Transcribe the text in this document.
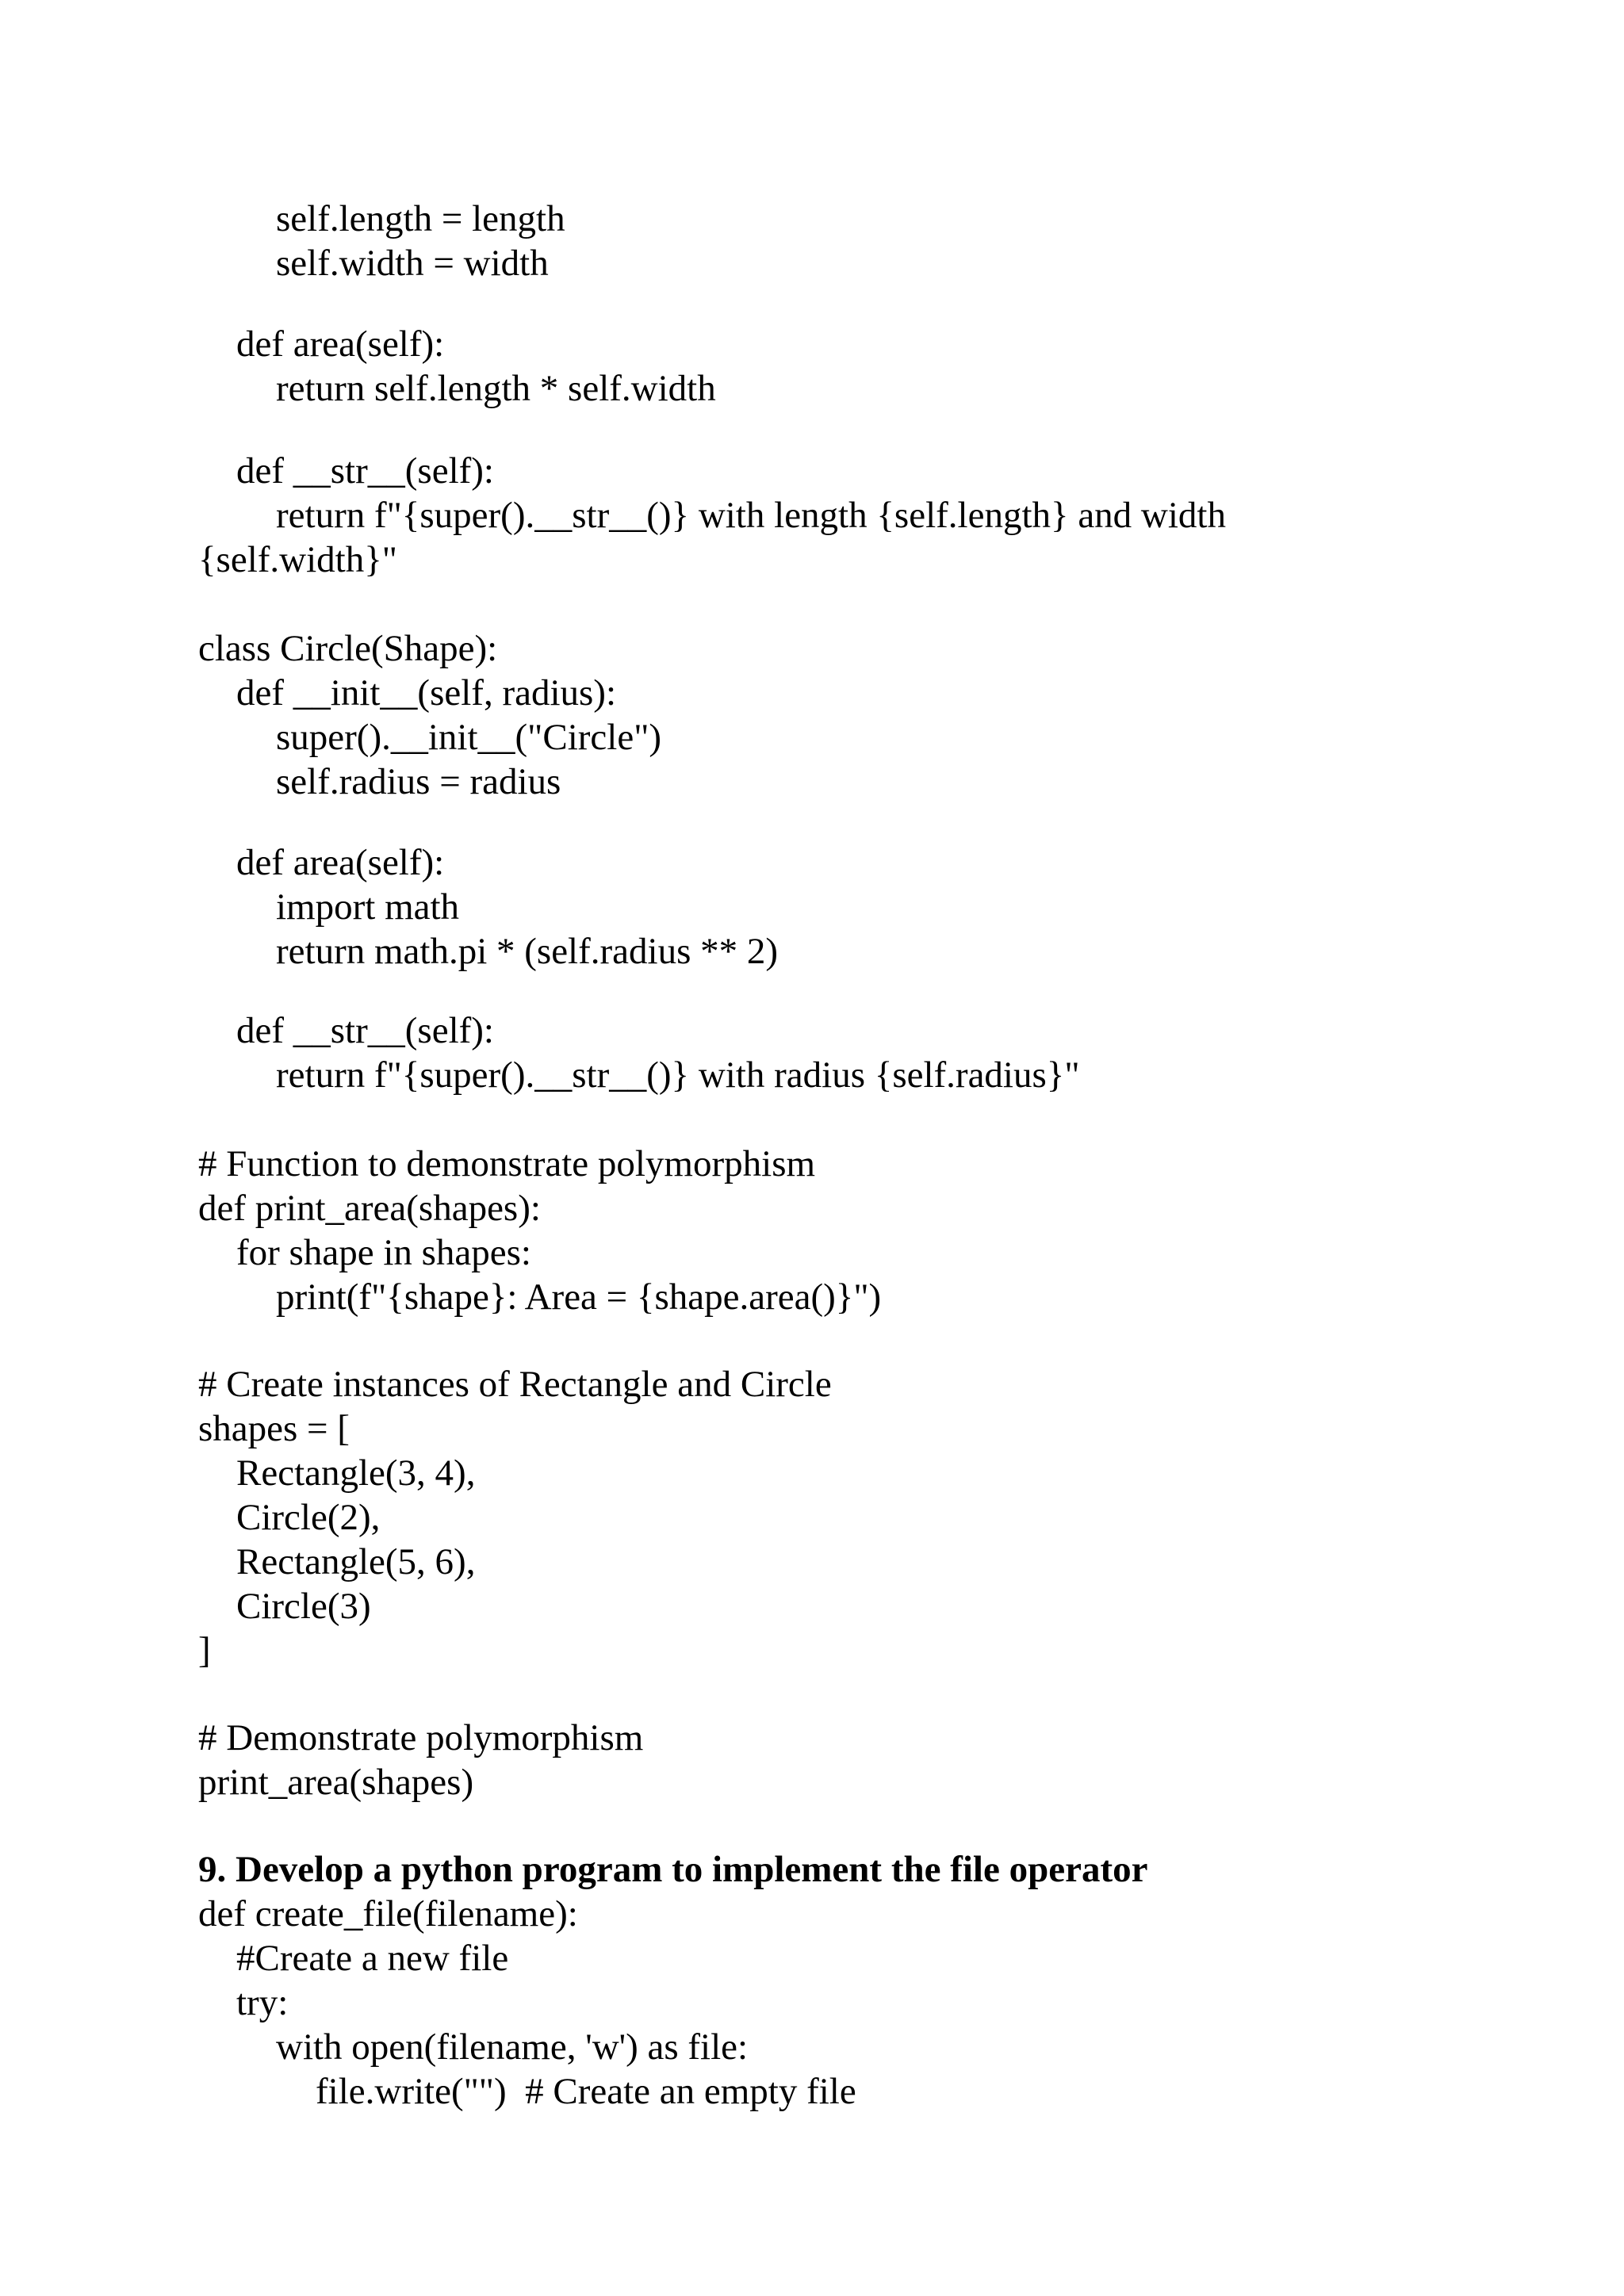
self.length = length
self.width = width
def area(self):
return self.length * self.width
def __str__(self):
return f"{super().__str__()} with length {self.length} and width
{self.width}"
class Circle(Shape):
def __init__(self, radius):
super().__init__("Circle")
self.radius = radius
def area(self):
import math
return math.pi * (self.radius ** 2)
def __str__(self):
return f"{super().__str__()} with radius {self.radius}"
# Function to demonstrate polymorphism
def print_area(shapes):
for shape in shapes:
print(f"{shape}: Area = {shape.area()}")
# Create instances of Rectangle and Circle
shapes = [
Rectangle(3, 4),
Circle(2),
Rectangle(5, 6),
Circle(3)
]
# Demonstrate polymorphism
print_area(shapes)
9. Develop a python program to implement the file operator
def create_file(filename):
#Create a new file
try:
with open(filename, 'w') as file:
file.write("")  # Create an empty file
